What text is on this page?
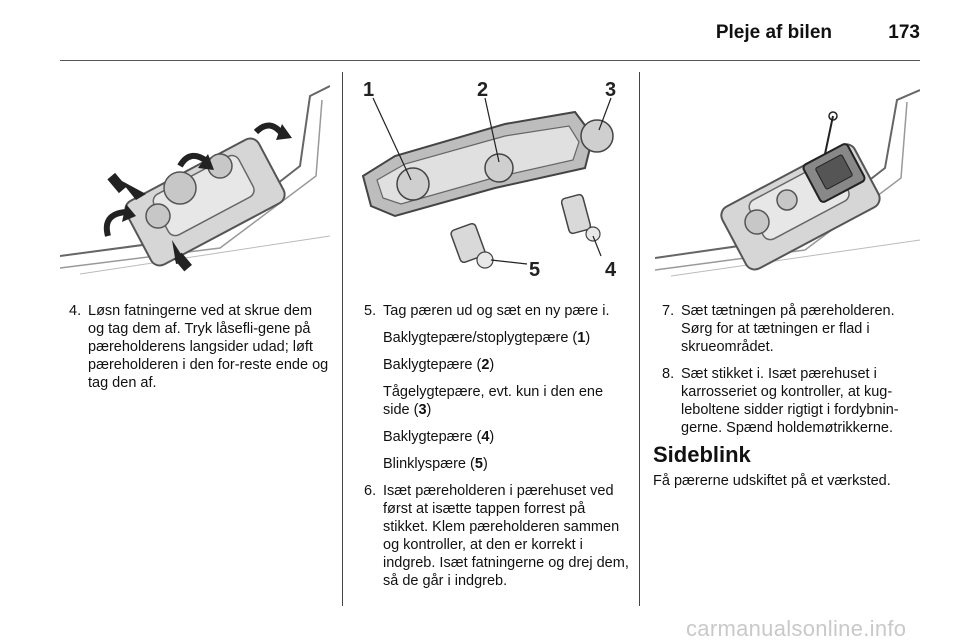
Pleje af bilen	173
1	2	3
4
5
4. Løsn fatningerne ved at skrue dem og tag dem af. Tryk låsefli-gene på pæreholderens langsider udad; løft pæreholderen i den for-reste ende og tag den af.
5. Tag pæren ud og sæt en ny pære i.
Baklygtepære/stoplygtepære (1)
Baklygtepære (2)
Tågelygtepære, evt. kun i den ene side (3)
Baklygtepære (4)
Blinklyspære (5)
6. Isæt pæreholderen i pærehuset ved først at isætte tappen forrest på stikket. Klem pæreholderen sammen og kontroller, at den er korrekt i indgreb. Isæt fatningerne og drej dem, så de går i indgreb.
7. Sæt tætningen på pæreholderen. Sørg for at tætningen er flad i skrueområdet.
8. Sæt stikket i. Isæt pærehuset i karrosseriet og kontroller, at kug-leboltene sidder rigtigt i fordybnin-gerne. Spænd holdemøtrikkerne.
Sideblink
Få pærerne udskiftet på et værksted.
carmanualsonline.info
